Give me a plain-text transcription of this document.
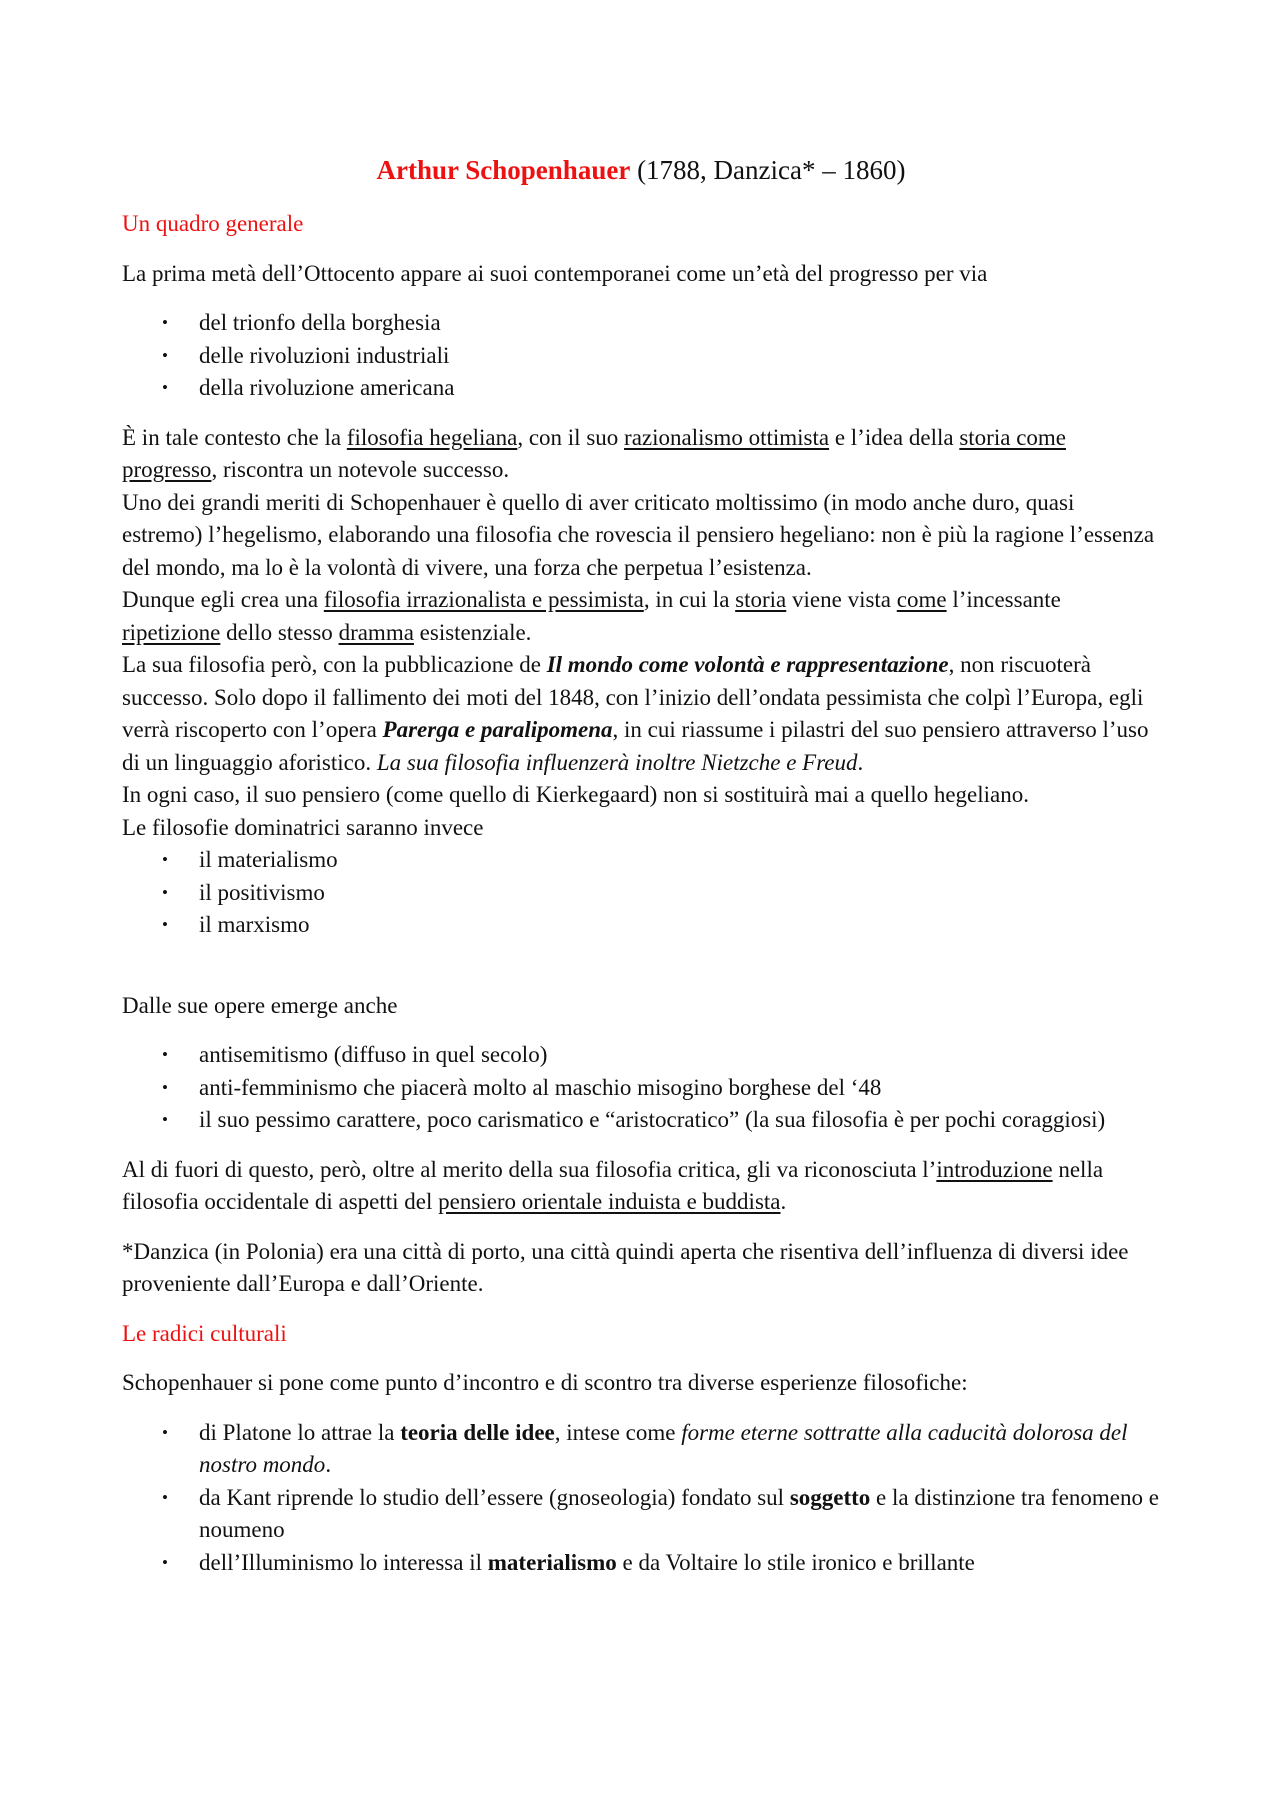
Arthur Schopenhauer (1788, Danzica* – 1860)
Un quadro generale

La prima metà dell’Ottocento appare ai suoi contemporanei come un’età del progresso per via

• del trionfo della borghesia
• delle rivoluzioni industriali
• della rivoluzione americana

È in tale contesto che la filosofia hegeliana, con il suo razionalismo ottimista e l’idea della storia come progresso, riscontra un notevole successo.

Uno dei grandi meriti di Schopenhauer è quello di aver criticato moltissimo (in modo anche duro, quasi estremo) l’hegelismo, elaborando una filosofia che rovescia il pensiero hegeliano: non è più la ragione l’essenza del mondo, ma lo è la volontà di vivere, una forza che perpetua l’esistenza.

Dunque egli crea una filosofia irrazionalista e pessimista, in cui la storia viene vista come l’incessante ripetizione dello stesso dramma esistenziale.

La sua filosofia però, con la pubblicazione de Il mondo come volontà e rappresentazione, non riscuoterà successo. Solo dopo il fallimento dei moti del 1848, con l’inizio dell’ondata pessimista che colpì l’Europa, egli verrà riscoperto con l’opera Parerga e paralipomena, in cui riassume i pilastri del suo pensiero attraverso l’uso di un linguaggio aforistico. La sua filosofia influenzerà inoltre Nietzche e Freud.

In ogni caso, il suo pensiero (come quello di Kierkegaard) non si sostituirà mai a quello hegeliano.

Le filosofie dominatrici saranno invece

• il materialismo
• il positivismo
• il marxismo

Dalle sue opere emerge anche

• antisemitismo (diffuso in quel secolo)
• anti-femminismo che piacerà molto al maschio misogino borghese del ‘48
• il suo pessimo carattere, poco carismatico e “aristocratico” (la sua filosofia è per pochi coraggiosi)

Al di fuori di questo, però, oltre al merito della sua filosofia critica, gli va riconosciuta l’introduzione nella filosofia occidentale di aspetti del pensiero orientale induista e buddista.

*Danzica (in Polonia) era una città di porto, una città quindi aperta che risentiva dell’influenza di diversi idee proveniente dall’Europa e dall’Oriente.

Le radici culturali

Schopenhauer si pone come punto d’incontro e di scontro tra diverse esperienze filosofiche:

• di Platone lo attrae la teoria delle idee, intese come forme eterne sottratte alla caducità dolorosa del nostro mondo.
• da Kant riprende lo studio dell’essere (gnoseologia) fondato sul soggetto e la distinzione tra fenomeno e noumeno
• dell’Illuminismo lo interessa il materialismo e da Voltaire lo stile ironico e brillante
